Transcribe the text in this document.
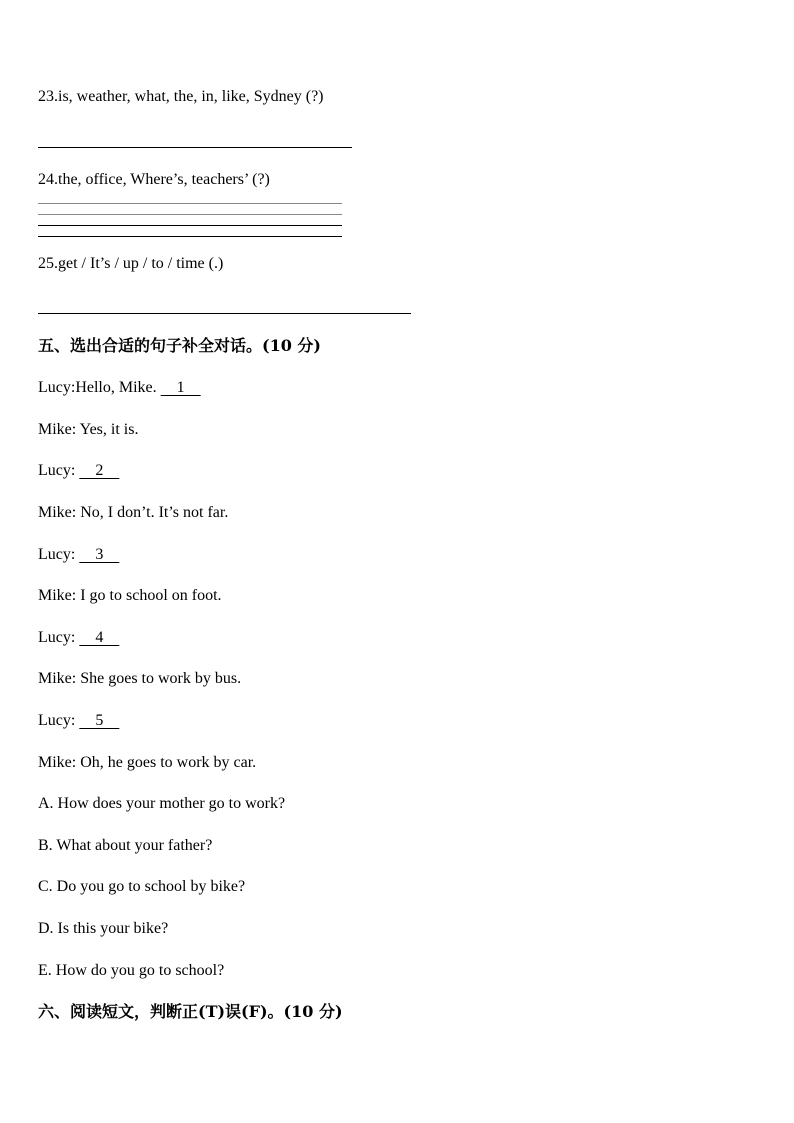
23.is, weather, what, the, in, like, Sydney (?)
24.the, office, Where’s, teachers’ (?)
25.get / It’s / up / to / time (.)
五、选出合适的句子补全对话。(10 分)
Lucy:Hello, Mike.     1
Mike: Yes, it is.
Lucy:     2
Mike: No, I don’t. It’s not far.
Lucy:     3
Mike: I go to school on foot.
Lucy:     4
Mike: She goes to work by bus.
Lucy:     5
Mike: Oh, he goes to work by car.
A. How does your mother go to work?
B. What about your father?
C. Do you go to school by bike?
D. Is this your bike?
E. How do you go to school?
六、阅读短文，判断正(T)误(F)。(10 分)
